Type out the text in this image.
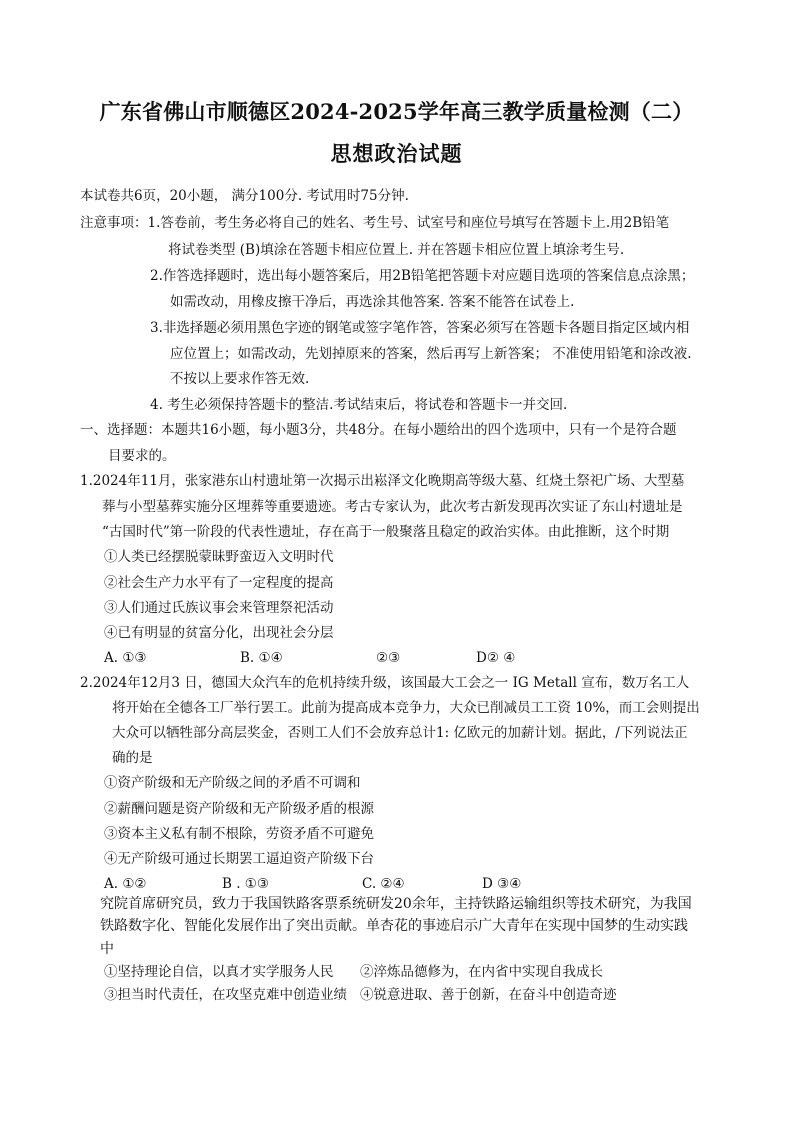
广东省佛山市顺德区2024-2025学年高三教学质量检测（二）
思想政治试题
本试卷共6页，20小题， 满分100分. 考试用时75分钟.
注意事项：1.答卷前，考生务必将自己的姓名、考生号、试室号和座位号填写在答题卡上.用2B铅笔
将试卷类型 (B)填涂在答题卡相应位置上. 并在答题卡相应位置上填涂考生号.
2.作答选择题时，选出每小题答案后，用2B铅笔把答题卡对应题目选项的答案信息点涂黑；
如需改动，用橡皮擦干净后，再选涂其他答案. 答案不能答在试卷上.
3.非选择题必须用黑色字迹的钢笔或签字笔作答，答案必须写在答题卡各题目指定区域内相
应位置上；如需改动，先划掉原来的答案，然后再写上新答案； 不准使用铅笔和涂改液.
不按以上要求作答无效.
4. 考生必须保持答题卡的整洁.考试结束后，将试卷和答题卡一并交回.
一、选择题：本题共16小题，每小题3分，共48分。在每小题给出的四个选项中，只有一个是符合题
目要求的。
1.2024年11月，张家港东山村遗址第一次揭示出崧泽文化晚期高等级大墓、红烧土祭祀广场、大型墓
葬与小型墓葬实施分区埋葬等重要遗迹。考古专家认为，此次考古新发现再次实证了东山村遗址是
“古国时代”第一阶段的代表性遗址，存在高于一般聚落且稳定的政治实体。由此推断，这个时期
①人类已经摆脱蒙昧野蛮迈入文明时代
②社会生产力水平有了一定程度的提高
③人们通过氏族议事会来管理祭祀活动
④已有明显的贫富分化，出现社会分层
A. ①③	B. ①④	②③	D② ④
2.2024年12月3 日，德国大众汽车的危机持续升级，该国最大工会之一 IG Metall 宣布，数万名工人
将开始在全德各工厂举行罢工。此前为提高成本竞争力，大众已削减员工工资 10%，而工会则提出
大众可以牺牲部分高层奖金，否则工人们不会放弃总计1: 亿欧元的加薪计划。据此，/下列说法正
确的是
①资产阶级和无产阶级之间的矛盾不可调和
②薪酬问题是资产阶级和无产阶级矛盾的根源
③资本主义私有制不根除，劳资矛盾不可避免
④无产阶级可通过长期罢工逼迫资产阶级下台
A. ①②	B . ①③	C. ②④	D ③④
究院首席研究员，致力于我国铁路客票系统研发20余年，主持铁路运输组织等技术研究，为我国
铁路数字化、智能化发展作出了突出贡献。单杏花的事迹启示广大青年在实现中国梦的生动实践
中
①坚持理论自信，以真才实学服务人民 ②淬炼品德修为，在内省中实现自我成长
③担当时代责任，在攻坚克难中创造业绩 ④锐意进取、善于创新，在奋斗中创造奇迹
